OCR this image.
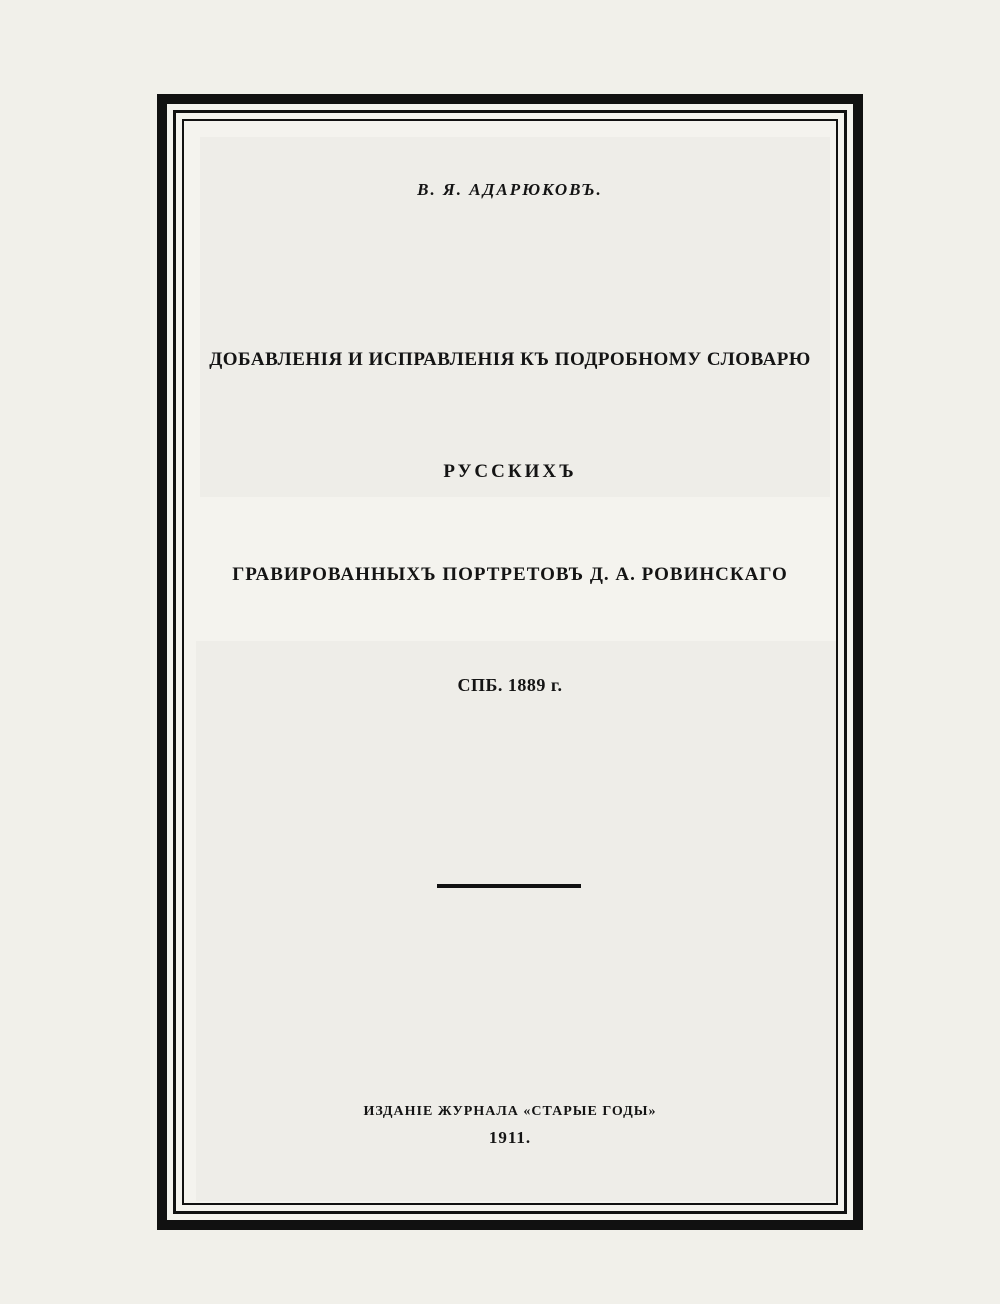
В. Я. АДАРЮКОВЪ.
ДОБАВЛЕНІЯ И ИСПРАВЛЕНІЯ КЪ ПОДРОБНОМУ СЛОВАРЮ
РУССКИХЪ
ГРАВИРОВАННЫХЪ ПОРТРЕТОВЪ Д. А. РОВИНСКАГО
СПБ. 1889 г.
ИЗДАНІЕ ЖУРНАЛА «СТАРЫЕ ГОДЫ»
1911.
